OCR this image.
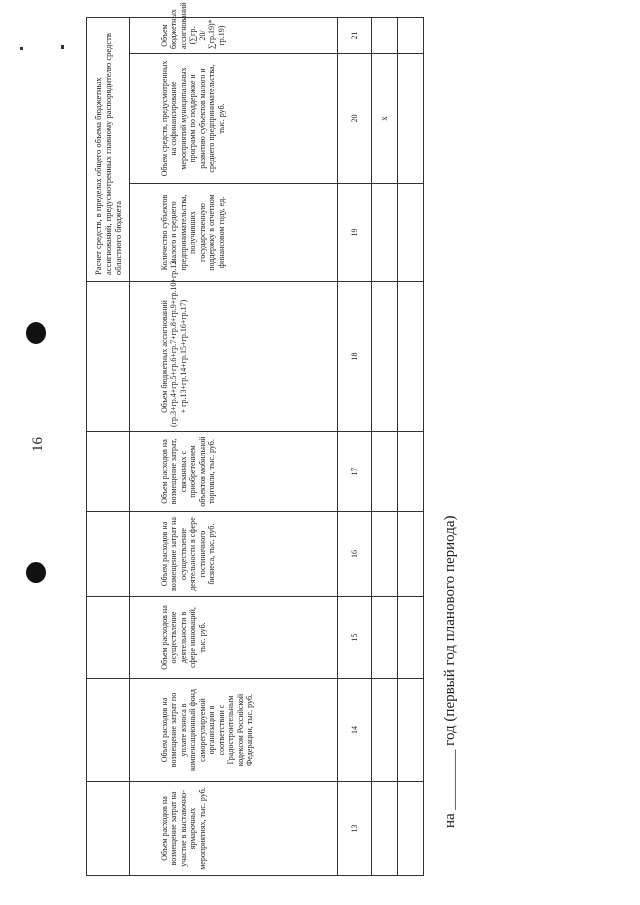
16
						Расчет средств, в пределах общего объема бюджетных ассигнований, предусмотренных главному распорядителю средств областного бюджета		
Объем расходов на возмещение затрат на участие в выставочно-ярмарочных мероприятиях, тыс. руб.	Объем расходов на возмещение затрат по уплате взноса в компенсационный фонд саморегулируемой организации в соответствии с Градостроительным кодексом Российской Федерации, тыс. руб.	Объем расходов на осуществление деятельности в сфере инноваций, тыс. руб.	Объем расходов на возмещение затрат на осуществление деятельности в сфере гостиничного бизнеса, тыс. руб.	Объем расходов на возмещение затрат, связанных с приобретением объектов мобильной торговли, тыс. руб.	Объем бюджетных ассигнований (гр.3+гр.4+гр.5+гр.6+гр.7+гр.8+гр.9+гр.10+гр.12 + гр.13+гр.14+гр.15+гр.16+гр.17)	Количество субъектов малого и среднего предпринимательства, получивших государственную поддержку в отчетном финансовом году, ед.	Объем средств, предусмотренных на софинансирование мероприятий муниципальных программ по поддержке и развитию субъектов малого и среднего предпринимательства, тыс. руб.	Объем бюджетных ассигнований (∑гр. 20/ ∑гр.19)* гр.19)
13	14	15	16	17	18	19	20	21
							x	

на ________ год (первый год планового периода)
